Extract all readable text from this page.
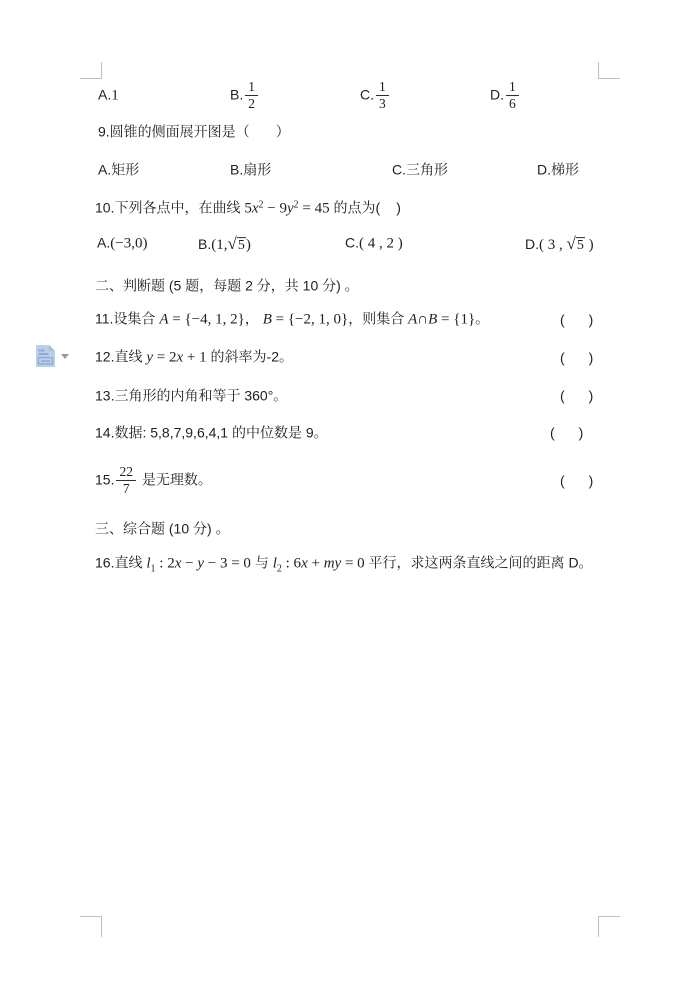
A.1	B. $\frac{1}{2}$	C. $\frac{1}{3}$	D. $\frac{1}{6}$
9.圆锥的侧面展开图是（ ）
A.矩形	B.扇形	C.三角形	D.梯形
10.下列各点中，在曲线 $5x^2 - 9y^2 = 45$ 的点为( )
A.(−3,0)	B.(1,√5)	C.( 4 , 2 )	D.( 3 , √5 )
二、判断题 (5 题，每题 2 分，共 10 分) 。
11.设集合 A = {−4, 1, 2}， B = {−2, 1, 0}，则集合 A∩B = {1}。	( )
12.直线 y = 2x + 1 的斜率为-2。	( )
13.三角形的内角和等于 360°。	( )
14.数据: 5,8,7,9,6,4,1 的中位数是 9。	( )
15. $\frac{22}{7}$ 是无理数。	( )
三、综合题 (10 分) 。
16.直线 $l_1$ : 2x − y − 3 = 0 与 $l_2$ : 6x + my = 0 平行，求这两条直线之间的距离 D。
